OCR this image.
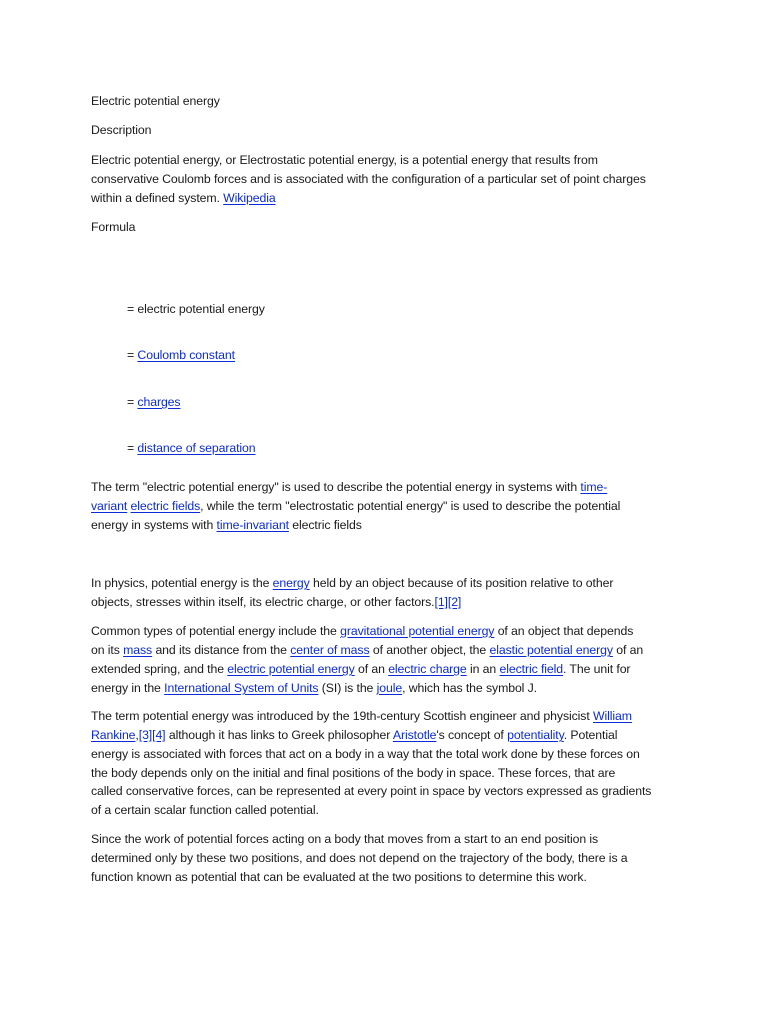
Electric potential energy
Description
Electric potential energy, or Electrostatic potential energy, is a potential energy that results from
conservative Coulomb forces and is associated with the configuration of a particular set of point charges
within a defined system. Wikipedia
Formula
= electric potential energy
= Coulomb constant
= charges
= distance of separation
The term "electric potential energy" is used to describe the potential energy in systems with time-
variant electric fields, while the term "electrostatic potential energy" is used to describe the potential
energy in systems with time-invariant electric fields
In physics, potential energy is the energy held by an object because of its position relative to other
objects, stresses within itself, its electric charge, or other factors.[1][2]
Common types of potential energy include the gravitational potential energy of an object that depends
on its mass and its distance from the center of mass of another object, the elastic potential energy of an
extended spring, and the electric potential energy of an electric charge in an electric field. The unit for
energy in the International System of Units (SI) is the joule, which has the symbol J.
The term potential energy was introduced by the 19th-century Scottish engineer and physicist William
Rankine,[3][4] although it has links to Greek philosopher Aristotle's concept of potentiality. Potential
energy is associated with forces that act on a body in a way that the total work done by these forces on
the body depends only on the initial and final positions of the body in space. These forces, that are
called conservative forces, can be represented at every point in space by vectors expressed as gradients
of a certain scalar function called potential.
Since the work of potential forces acting on a body that moves from a start to an end position is
determined only by these two positions, and does not depend on the trajectory of the body, there is a
function known as potential that can be evaluated at the two positions to determine this work.
